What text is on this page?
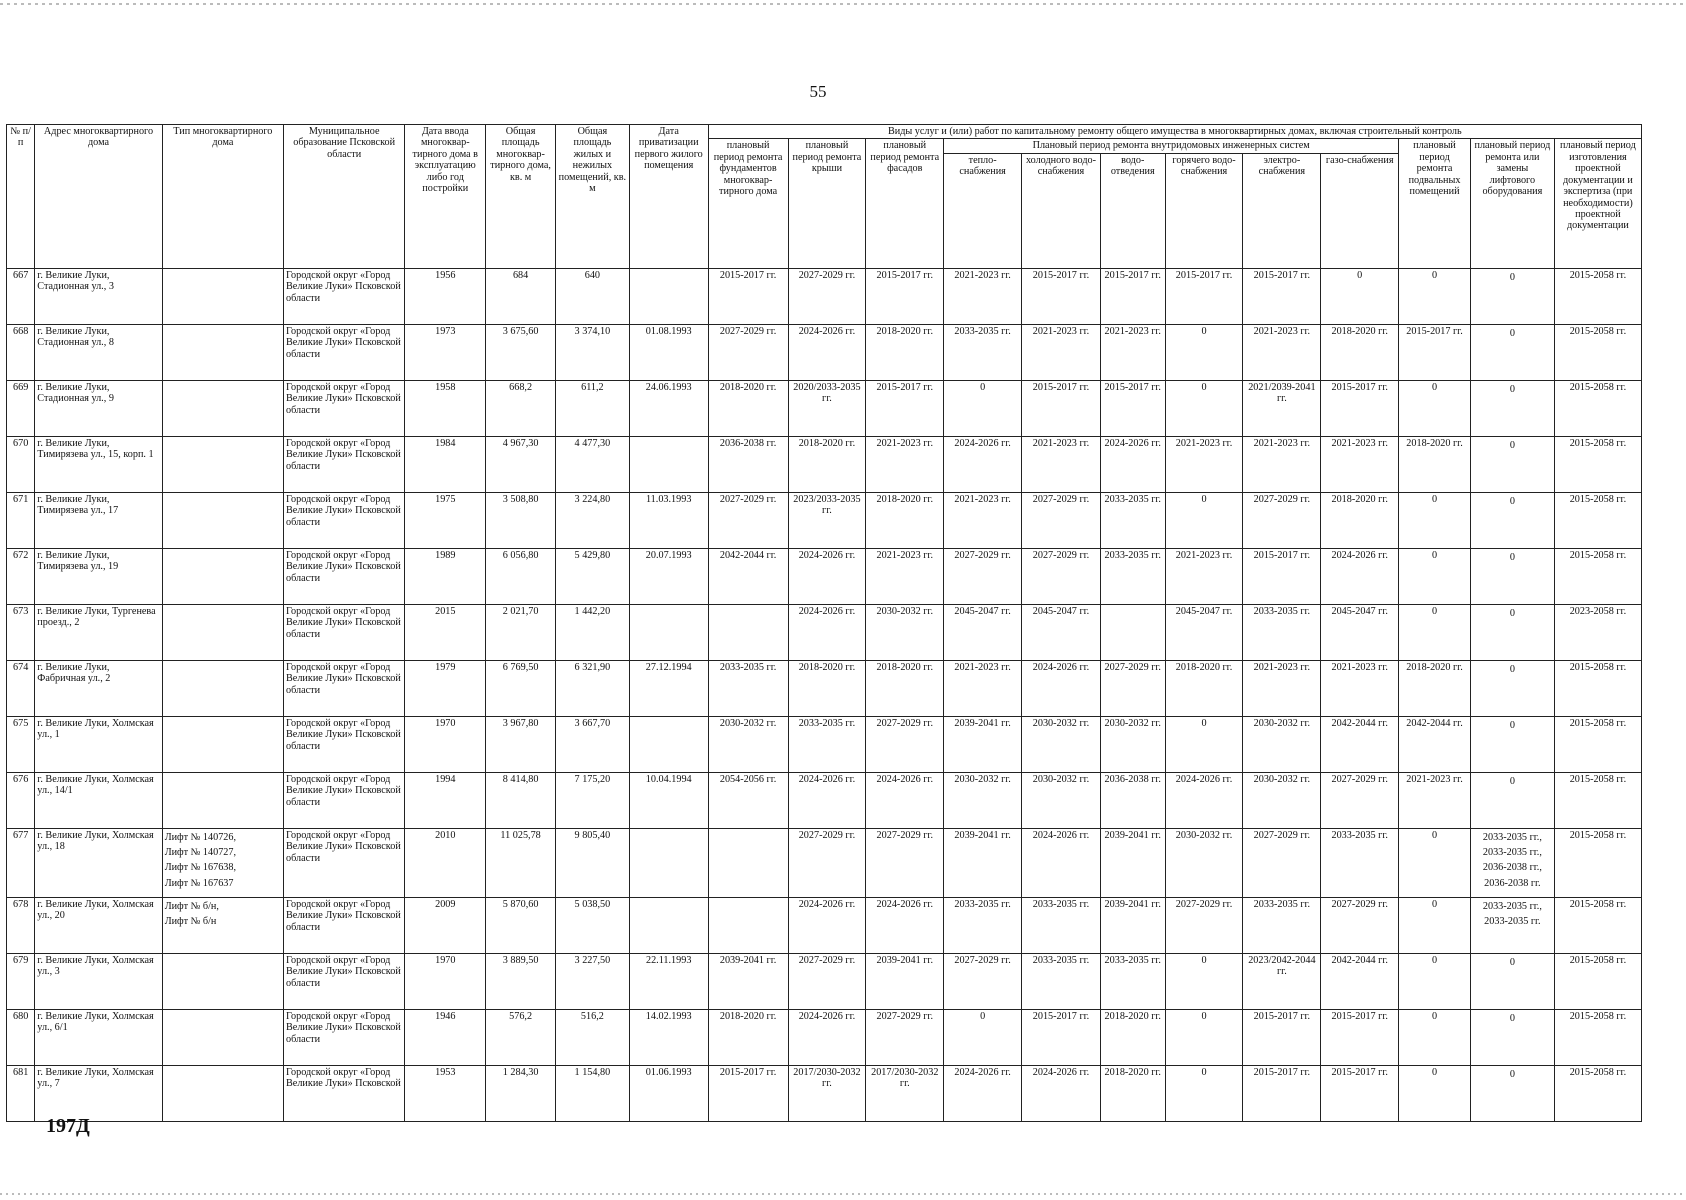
55
№ п/п	Адрес многоквартирного дома	Тип многоквартирного дома	Муниципальное образование Псковской области	Дата ввода многоквар-тирного дома в эксплуатацию либо год постройки	Общая площадь многоквар-тирного дома, кв. м	Общая площадь жилых и нежилых помещений, кв. м	Дата приватизации первого жилого помещения	Виды услуг и (или) работ по капитальному ремонту общего имущества в многоквартирных домах, включая строительный контроль											
								плановый период ремонта фундаментов многоквар-тирного дома	плановый период ремонта крыши	плановый период ремонта фасадов	Плановый период ремонта внутридомовых инженерных систем						плановый период ремонта подвальных помещений	плановый период ремонта или замены лифтового оборудования	плановый период изготовления проектной документации и экспертиза (при необходимости) проектной документации
											тепло-снабжения	холодного водо-снабжения	водо-отведения	горячего водо-снабжения	электро-снабжения	газо-снабжения			
667	г. Великие Луки, Стадионная ул., 3		Городской округ «Город Великие Луки» Псковской области	1956	684	640		2015-2017 гг.	2027-2029 гг.	2015-2017 гг.	2021-2023 гг.	2015-2017 гг.	2015-2017 гг.	2015-2017 гг.	2015-2017 гг.	0	0	0	2015-2058 гг.
668	г. Великие Луки, Стадионная ул., 8		Городской округ «Город Великие Луки» Псковской области	1973	3 675,60	3 374,10	01.08.1993	2027-2029 гг.	2024-2026 гг.	2018-2020 гг.	2033-2035 гг.	2021-2023 гг.	2021-2023 гг.	0	2021-2023 гг.	2018-2020 гг.	2015-2017 гг.	0	2015-2058 гг.
669	г. Великие Луки, Стадионная ул., 9		Городской округ «Город Великие Луки» Псковской области	1958	668,2	611,2	24.06.1993	2018-2020 гг.	2020/2033-2035 гг.	2015-2017 гг.	0	2015-2017 гг.	2015-2017 гг.	0	2021/2039-2041 гг.	2015-2017 гг.	0	0	2015-2058 гг.
670	г. Великие Луки, Тимирязева ул., 15, корп. 1		Городской округ «Город Великие Луки» Псковской области	1984	4 967,30	4 477,30		2036-2038 гг.	2018-2020 гг.	2021-2023 гг.	2024-2026 гг.	2021-2023 гг.	2024-2026 гг.	2021-2023 гг.	2021-2023 гг.	2021-2023 гг.	2018-2020 гг.	0	2015-2058 гг.
671	г. Великие Луки, Тимирязева ул., 17		Городской округ «Город Великие Луки» Псковской области	1975	3 508,80	3 224,80	11.03.1993	2027-2029 гг.	2023/2033-2035 гг.	2018-2020 гг.	2021-2023 гг.	2027-2029 гг.	2033-2035 гг.	0	2027-2029 гг.	2018-2020 гг.	0	0	2015-2058 гг.
672	г. Великие Луки, Тимирязева ул., 19		Городской округ «Город Великие Луки» Псковской области	1989	6 056,80	5 429,80	20.07.1993	2042-2044 гг.	2024-2026 гг.	2021-2023 гг.	2027-2029 гг.	2027-2029 гг.	2033-2035 гг.	2021-2023 гг.	2015-2017 гг.	2024-2026 гг.	0	0	2015-2058 гг.
673	г. Великие Луки, Тургенева проезд., 2		Городской округ «Город Великие Луки» Псковской области	2015	2 021,70	1 442,20			2024-2026 гг.	2030-2032 гг.	2045-2047 гг.	2045-2047 гг.		2045-2047 гг.	2033-2035 гг.	2045-2047 гг.	0	0	2023-2058 гг.
674	г. Великие Луки, Фабричная ул., 2		Городской округ «Город Великие Луки» Псковской области	1979	6 769,50	6 321,90	27.12.1994	2033-2035 гг.	2018-2020 гг.	2018-2020 гг.	2021-2023 гг.	2024-2026 гг.	2027-2029 гг.	2018-2020 гг.	2021-2023 гг.	2021-2023 гг.	2018-2020 гг.	0	2015-2058 гг.
675	г. Великие Луки, Холмская ул., 1		Городской округ «Город Великие Луки» Псковской области	1970	3 967,80	3 667,70		2030-2032 гг.	2033-2035 гг.	2027-2029 гг.	2039-2041 гг.	2030-2032 гг.	2030-2032 гг.	0	2030-2032 гг.	2042-2044 гг.	2042-2044 гг.	0	2015-2058 гг.
676	г. Великие Луки, Холмская ул., 14/1		Городской округ «Город Великие Луки» Псковской области	1994	8 414,80	7 175,20	10.04.1994	2054-2056 гг.	2024-2026 гг.	2024-2026 гг.	2030-2032 гг.	2030-2032 гг.	2036-2038 гг.	2024-2026 гг.	2030-2032 гг.	2027-2029 гг.	2021-2023 гг.	0	2015-2058 гг.
677	г. Великие Луки, Холмская ул., 18	Лифт № 140726,
Лифт № 140727,
Лифт № 167638,
Лифт № 167637	Городской округ «Город Великие Луки» Псковской области	2010	11 025,78	9 805,40			2027-2029 гг.	2027-2029 гг.	2039-2041 гг.	2024-2026 гг.	2039-2041 гг.	2030-2032 гг.	2027-2029 гг.	2033-2035 гг.	0	2033-2035 гг.,
2033-2035 гг.,
2036-2038 гг.,
2036-2038 гг.	2015-2058 гг.
678	г. Великие Луки, Холмская ул., 20	Лифт № б/н,
Лифт № б/н	Городской округ «Город Великие Луки» Псковской области	2009	5 870,60	5 038,50			2024-2026 гг.	2024-2026 гг.	2033-2035 гг.	2033-2035 гг.	2039-2041 гг.	2027-2029 гг.	2033-2035 гг.	2027-2029 гг.	0	2033-2035 гг.,
2033-2035 гг.	2015-2058 гг.
679	г. Великие Луки, Холмская ул., 3		Городской округ «Город Великие Луки» Псковской области	1970	3 889,50	3 227,50	22.11.1993	2039-2041 гг.	2027-2029 гг.	2039-2041 гг.	2027-2029 гг.	2033-2035 гг.	2033-2035 гг.	0	2023/2042-2044 гг.	2042-2044 гг.	0	0	2015-2058 гг.
680	г. Великие Луки, Холмская ул., 6/1		Городской округ «Город Великие Луки» Псковской области	1946	576,2	516,2	14.02.1993	2018-2020 гг.	2024-2026 гг.	2027-2029 гг.	0	2015-2017 гг.	2018-2020 гг.	0	2015-2017 гг.	2015-2017 гг.	0	0	2015-2058 гг.
681	г. Великие Луки, Холмская ул., 7		Городской округ «Город Великие Луки» Псковской	1953	1 284,30	1 154,80	01.06.1993	2015-2017 гг.	2017/2030-2032 гг.	2017/2030-2032 гг.	2024-2026 гг.	2024-2026 гг.	2018-2020 гг.	0	2015-2017 гг.	2015-2017 гг.	0	0	2015-2058 гг.
197Д
